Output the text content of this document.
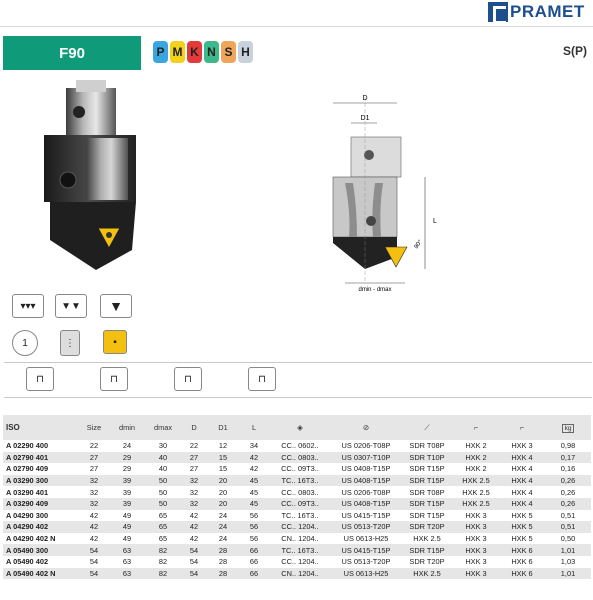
PRAMET
F90	P M K N S H	S(P)
D
D1
L
90°
dmin - dmax
▾▾▾	▼▼	▼
1	⋮	▪
⊓	⊓	⊓	⊓
ISO	Size	dmin	dmax	D	D1	L	◈	⊘	⟋	⌐	⌐	kg
A 02290 400	22	24	30	22	12	34	CC.. 0602..	US 0206-T08P	SDR T08P	HXK 2	HXK 3	0,98
A 02790 401	27	29	40	27	15	42	CC.. 0803..	US 0307-T10P	SDR T10P	HXK 2	HXK 4	0,17
A 02790 409	27	29	40	27	15	42	CC.. 09T3..	US 0408-T15P	SDR T15P	HXK 2	HXK 4	0,16
A 03290 300	32	39	50	32	20	45	TC.. 16T3..	US 0408-T15P	SDR T15P	HXK 2.5	HXK 4	0,26
A 03290 401	32	39	50	32	20	45	CC.. 0803..	US 0206-T08P	SDR T08P	HXK 2.5	HXK 4	0,26
A 03290 409	32	39	50	32	20	45	CC.. 09T3..	US 0408-T15P	SDR T15P	HXK 2.5	HXK 4	0,26
A 04290 300	42	49	65	42	24	56	TC.. 16T3..	US 0415-T15P	SDR T15P	HXK 3	HXK 5	0,51
A 04290 402	42	49	65	42	24	56	CC.. 1204..	US 0513-T20P	SDR T20P	HXK 3	HXK 5	0,51
A 04290 402 N	42	49	65	42	24	56	CN.. 1204..	US 0613-H25	HXK 2.5	HXK 3	HXK 5	0,50
A 05490 300	54	63	82	54	28	66	TC.. 16T3..	US 0415-T15P	SDR T15P	HXK 3	HXK 6	1,01
A 05490 402	54	63	82	54	28	66	CC.. 1204..	US 0513-T20P	SDR T20P	HXK 3	HXK 6	1,03
A 05490 402 N	54	63	82	54	28	66	CN.. 1204..	US 0613-H25	HXK 2.5	HXK 3	HXK 6	1,01
